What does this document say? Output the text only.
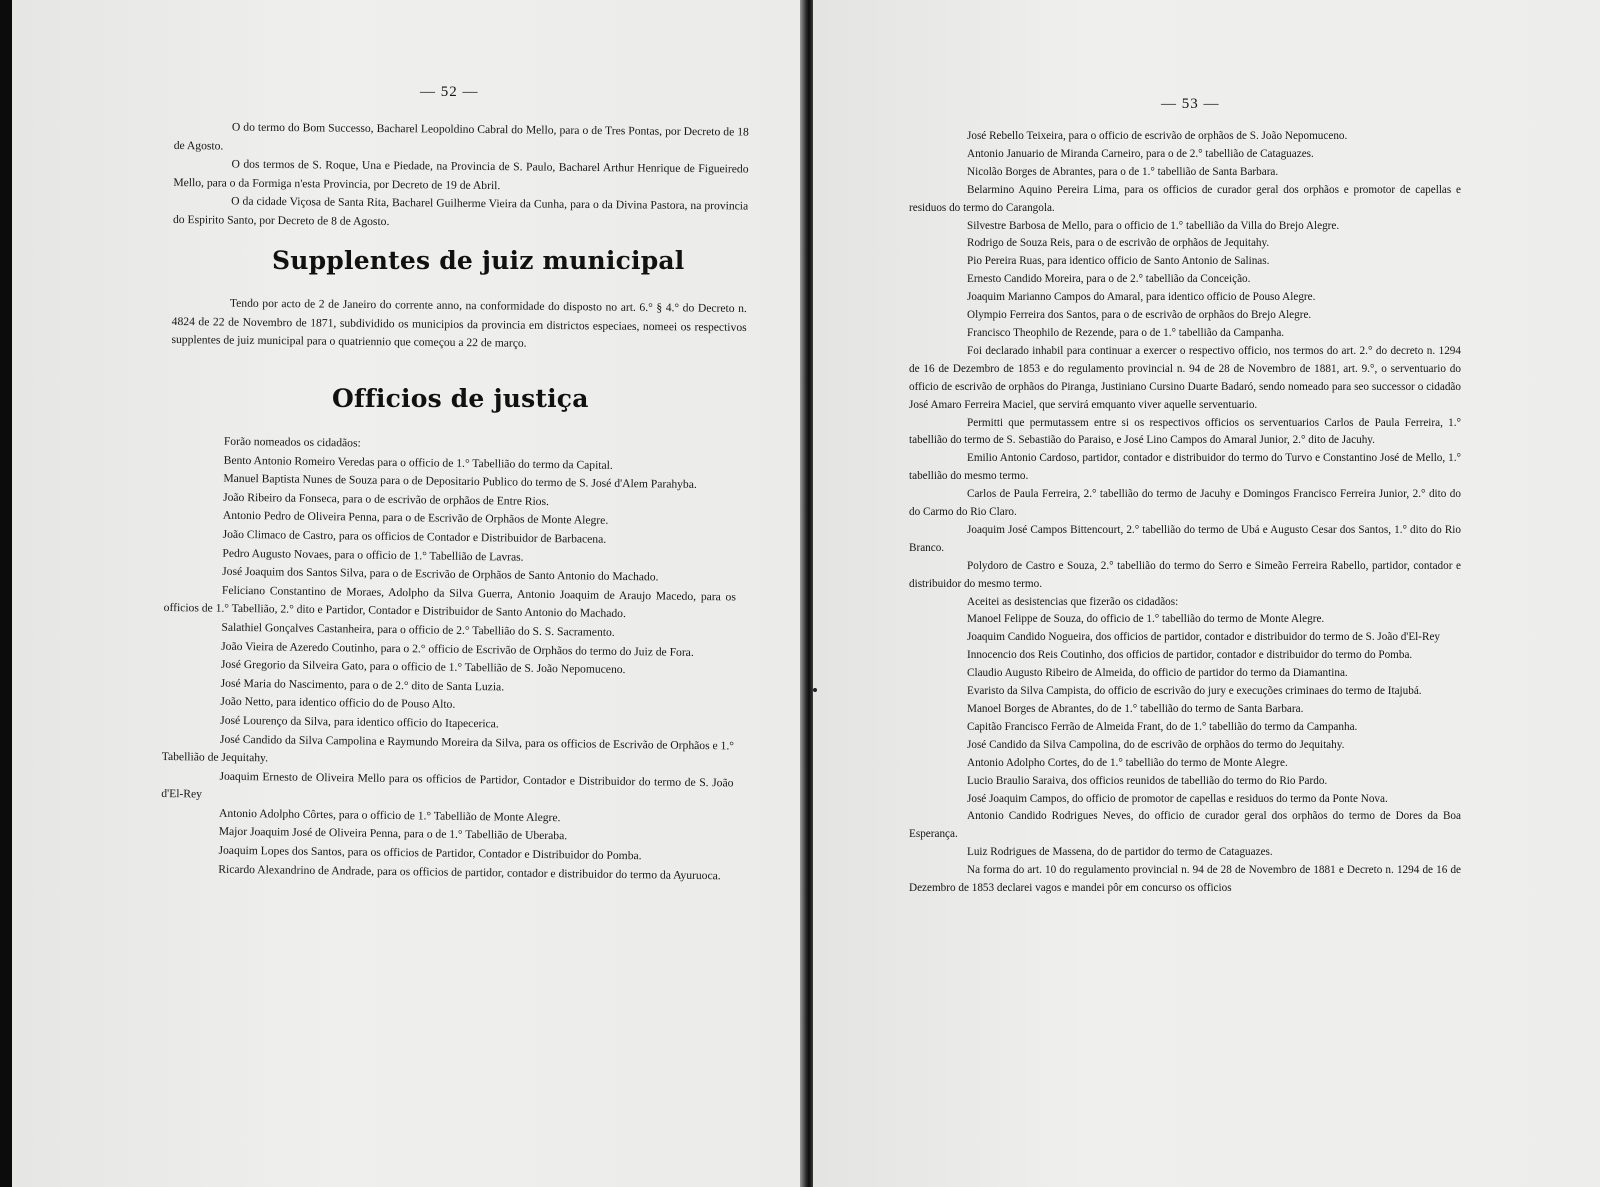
— 52 —

O do termo do Bom Successo, Bacharel Leopoldino Cabral do Mello, para o de Tres Pontas, por Decreto de 18 de Agosto.

O dos termos de S. Roque, Una e Piedade, na Provincia de S. Paulo, Bacharel Arthur Henrique de Figueiredo Mello, para o da Formiga n'esta Provincia, por Decreto de 19 de Abril.

O da cidade Viçosa de Santa Rita, Bacharel Guilherme Vieira da Cunha, para o da Divina Pastora, na provincia do Espirito Santo, por Decreto de 8 de Agosto.

Supplentes de juiz municipal

Tendo por acto de 2 de Janeiro do corrente anno, na conformidade do disposto no art. 6.° § 4.° do Decreto n. 4824 de 22 de Novembro de 1871, subdividido os municipios da provincia em districtos especiaes, nomeei os respectivos supplentes de juiz municipal para o quatriennio que começou a 22 de março.

Officios de justiça

Forão nomeados os cidadãos:

Bento Antonio Romeiro Veredas para o officio de 1.° Tabellião do termo da Capital.

Manuel Baptista Nunes de Souza para o de Depositario Publico do termo de S. José d'Alem Parahyba.

João Ribeiro da Fonseca, para o de escrivão de orphãos de Entre Rios.

Antonio Pedro de Oliveira Penna, para o de Escrivão de Orphãos de Monte Alegre.

João Climaco de Castro, para os officios de Contador e Distribuidor de Barbacena.

Pedro Augusto Novaes, para o officio de 1.° Tabellião de Lavras.

José Joaquim dos Santos Silva, para o de Escrivão de Orphãos de Santo Antonio do Machado.

Feliciano Constantino de Moraes, Adolpho da Silva Guerra, Antonio Joaquim de Araujo Macedo, para os officios de 1.° Tabellião, 2.° dito e Partidor, Contador e Distribuidor de Santo Antonio do Machado.

Salathiel Gonçalves Castanheira, para o officio de 2.° Tabellião do S. S. Sacramento.

João Vieira de Azeredo Coutinho, para o 2.° officio de Escrivão de Orphãos do termo do Juiz de Fora.

José Gregorio da Silveira Gato, para o officio de 1.° Tabellião de S. João Nepomuceno.

José Maria do Nascimento, para o de 2.° dito de Santa Luzia.

João Netto, para identico officio do de Pouso Alto.

José Lourenço da Silva, para identico officio do Itapecerica.

José Candido da Silva Campolina e Raymundo Moreira da Silva, para os officios de Escrivão de Orphãos e 1.° Tabellião de Jequitahy.

Joaquim Ernesto de Oliveira Mello para os officios de Partidor, Contador e Distribuidor do termo de S. João d'El-Rey

Antonio Adolpho Côrtes, para o officio de 1.° Tabellião de Monte Alegre.

Major Joaquim José de Oliveira Penna, para o de 1.° Tabellião de Uberaba.

Joaquim Lopes dos Santos, para os officios de Partidor, Contador e Distribuidor do Pomba.

Ricardo Alexandrino de Andrade, para os officios de partidor, contador e distribuidor do termo da Ayuruoca.

— 53 —

José Rebello Teixeira, para o officio de escrivão de orphãos de S. João Nepomuceno.

Antonio Januario de Miranda Carneiro, para o de 2.° tabellião de Cataguazes.

Nicolão Borges de Abrantes, para o de 1.° tabellião de Santa Barbara.

Belarmino Aquino Pereira Lima, para os officios de curador geral dos orphãos e promotor de capellas e residuos do termo do Carangola.

Silvestre Barbosa de Mello, para o officio de 1.° tabellião da Villa do Brejo Alegre.

Rodrigo de Souza Reis, para o de escrivão de orphãos de Jequitahy.

Pio Pereira Ruas, para identico officio de Santo Antonio de Salinas.

Ernesto Candido Moreira, para o de 2.° tabellião da Conceição.

Joaquim Marianno Campos do Amaral, para identico officio de Pouso Alegre.

Olympio Ferreira dos Santos, para o de escrivão de orphãos do Brejo Alegre.

Francisco Theophilo de Rezende, para o de 1.° tabellião da Campanha.

Foi declarado inhabil para continuar a exercer o respectivo officio, nos termos do art. 2.° do decreto n. 1294 de 16 de Dezembro de 1853 e do regulamento provincial n. 94 de 28 de Novembro de 1881, art. 9.°, o serventuario do officio de escrivão de orphãos do Piranga, Justiniano Cursino Duarte Badaró, sendo nomeado para seo successor o cidadão José Amaro Ferreira Maciel, que servirá emquanto viver aquelle serventuario.

Permitti que permutassem entre si os respectivos officios os serventuarios Carlos de Paula Ferreira, 1.° tabellião do termo de S. Sebastião do Paraiso, e José Lino Campos do Amaral Junior, 2.° dito de Jacuhy.

Emilio Antonio Cardoso, partidor, contador e distribuidor do termo do Turvo e Constantino José de Mello, 1.° tabellião do mesmo termo.

Carlos de Paula Ferreira, 2.° tabellião do termo de Jacuhy e Domingos Francisco Ferreira Junior, 2.° dito do do Carmo do Rio Claro.

Joaquim José Campos Bittencourt, 2.° tabellião do termo de Ubá e Augusto Cesar dos Santos, 1.° dito do Rio Branco.

Polydoro de Castro e Souza, 2.° tabellião do termo do Serro e Simeão Ferreira Rabello, partidor, contador e distribuidor do mesmo termo.

Aceitei as desistencias que fizerão os cidadãos:

Manoel Felippe de Souza, do officio de 1.° tabellião do termo de Monte Alegre.

Joaquim Candido Nogueira, dos officios de partidor, contador e distribuidor do termo de S. João d'El-Rey

Innocencio dos Reis Coutinho, dos officios de partidor, contador e distribuidor do termo do Pomba.

Claudio Augusto Ribeiro de Almeida, do officio de partidor do termo da Diamantina.

Evaristo da Silva Campista, do officio de escrivão do jury e execuções criminaes do termo de Itajubá.

Manoel Borges de Abrantes, do de 1.° tabellião do termo de Santa Barbara.

Capitão Francisco Ferrão de Almeida Frant, do de 1.° tabellião do termo da Campanha.

José Candido da Silva Campolina, do de escrivão de orphãos do termo do Jequitahy.

Antonio Adolpho Cortes, do de 1.° tabellião do termo de Monte Alegre.

Lucio Braulio Saraiva, dos officios reunidos de tabellião do termo do Rio Pardo.

José Joaquim Campos, do officio de promotor de capellas e residuos do termo da Ponte Nova.

Antonio Candido Rodrigues Neves, do officio de curador geral dos orphãos do termo de Dores da Boa Esperança.

Luiz Rodrigues de Massena, do de partidor do termo de Cataguazes.

Na forma do art. 10 do regulamento provincial n. 94 de 28 de Novembro de 1881 e Decreto n. 1294 de 16 de Dezembro de 1853 declarei vagos e mandei pôr em concurso os officios
